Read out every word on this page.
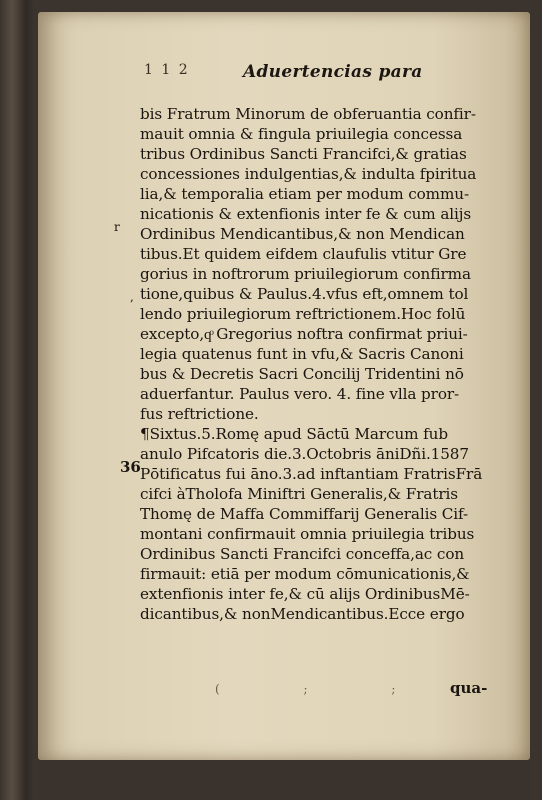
1 1 2	Aduertencias para
r
,
36
bis Fratrum Minorum de obferuantia confir-
mauit omnia & fingula priuilegia concessa
tribus Ordinibus Sancti Francifci,& gratias
concessiones indulgentias,& indulta fpiritua
lia,& temporalia etiam per modum commu-
nicationis & extenfionis inter fe & cum alijs
Ordinibus Mendicantibus,& non Mendican
tibus.Et quidem eifdem claufulis vtitur Gre
gorius in noftrorum priuilegiorum confirma
tione,quibus & Paulus.4.vfus eft,omnem tol
lendo priuilegiorum reftrictionem.Hoc folū
excepto,qͦ Gregorius noftra confirmat priui-
legia quatenus funt in vfu,& Sacris Canoni
bus & Decretis Sacri Concilij Tridentini nō
aduerfantur. Paulus vero. 4. fine vlla pror-
fus reftrictione.
¶Sixtus.5.Romę apud Sāctū Marcum fub
anulo Pifcatoris die.3.Octobris āniDñi.1587
Pōtificatus fui āno.3.ad inftantiam FratrisFrā
cifci àTholofa Miniftri Generalis,& Fratris
Thomę de Maffa Commiffarij Generalis Cif-
montani confirmauit omnia priuilegia tribus
Ordinibus Sancti Francifci conceffa,ac con
firmauit: etiā per modum cōmunicationis,&
extenfionis inter fe,& cū alijs OrdinibusMē-
dicantibus,& nonMendicantibus.Ecce ergo
( ; ; qua-
